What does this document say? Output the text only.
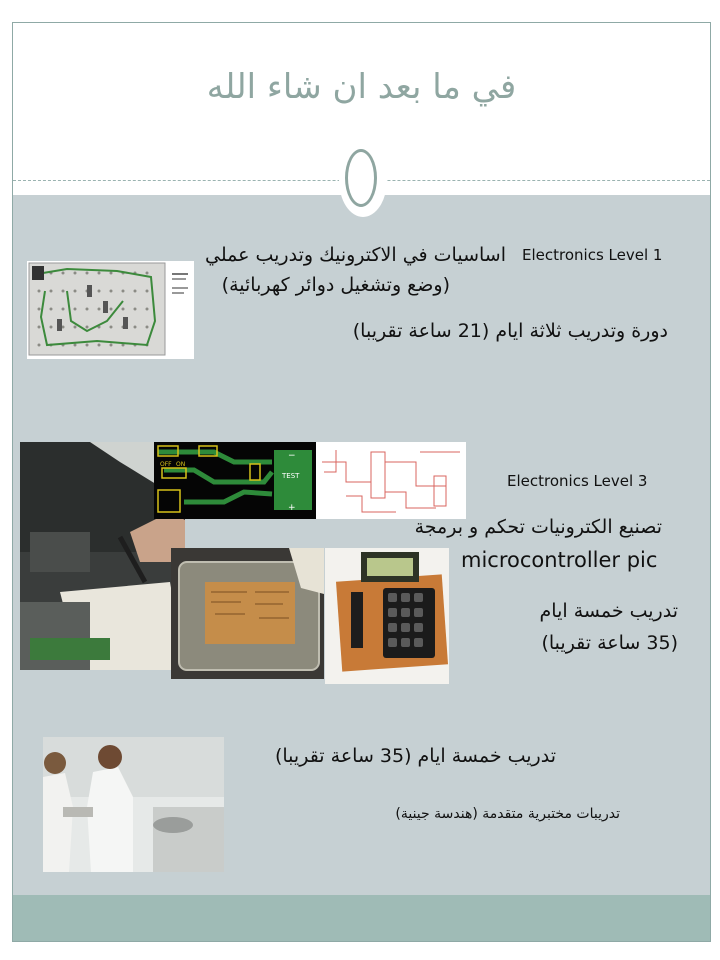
في ما بعد ان شاء الله
Electronics Level 1
اساسيات في الاكترونيك وتدريب عملي
(وضع وتشغيل دوائر كهربائية)
دورة وتدريب ثلاثة ايام (21 ساعة تقريبا)
OFF ON
TEST
−
+
Electronics Level 3
تصنيع الكترونيات تحكم و برمجة
microcontroller pic
تدريب خمسة ايام
(35 ساعة تقريبا)
تدريب خمسة ايام (35 ساعة تقريبا)
تدريبات مختبرية متقدمة (هندسة جينية)
